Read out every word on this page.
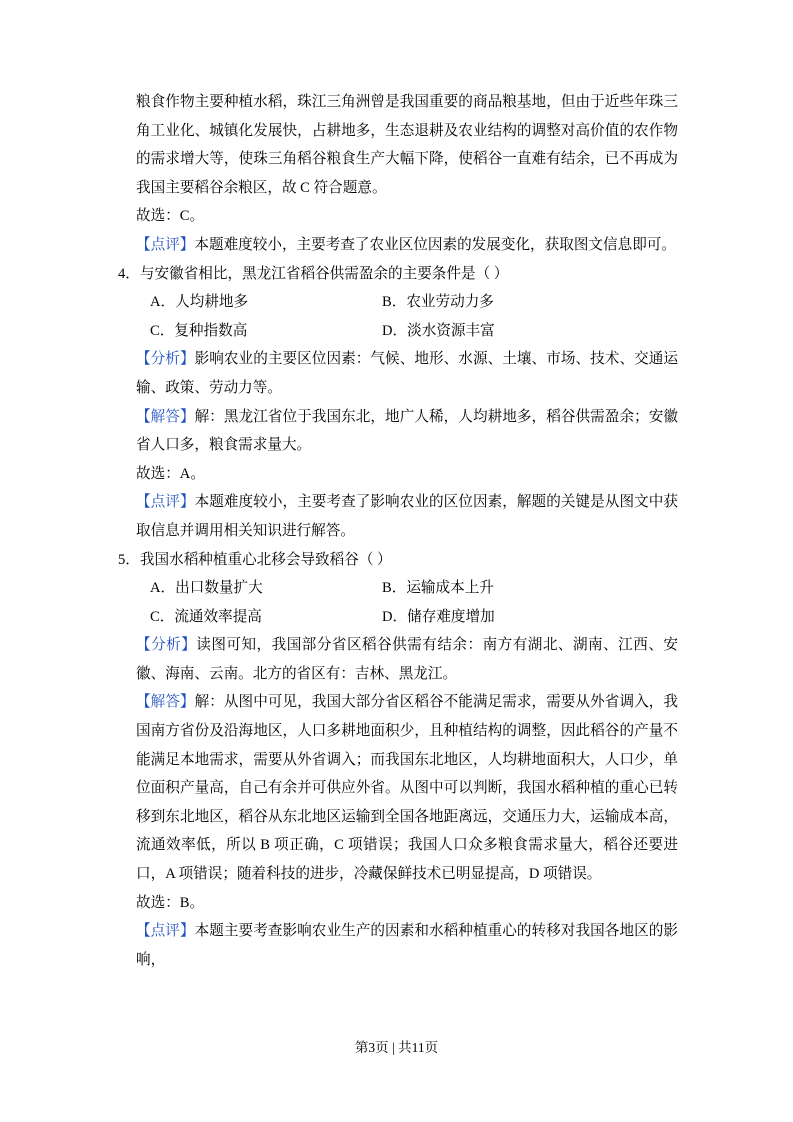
粮食作物主要种植水稻，珠江三角洲曾是我国重要的商品粮基地，但由于近些年珠三角工业化、城镇化发展快，占耕地多，生态退耕及农业结构的调整对高价值的农作物的需求增大等，使珠三角稻谷粮食生产大幅下降，使稻谷一直难有结余，已不再成为我国主要稻谷余粮区，故 C 符合题意。

故选：C。

【点评】本题难度较小，主要考查了农业区位因素的发展变化，获取图文信息即可。

4．与安徽省相比，黑龙江省稻谷供需盈余的主要条件是（ ）

A．人均耕地多	B．农业劳动力多
C．复种指数高	D．淡水资源丰富

【分析】影响农业的主要区位因素：气候、地形、水源、土壤、市场、技术、交通运输、政策、劳动力等。

【解答】解：黑龙江省位于我国东北，地广人稀，人均耕地多，稻谷供需盈余；安徽省人口多，粮食需求量大。

故选：A。

【点评】本题难度较小，主要考查了影响农业的区位因素，解题的关键是从图文中获取信息并调用相关知识进行解答。

5．我国水稻种植重心北移会导致稻谷（ ）

A．出口数量扩大	B．运输成本上升
C．流通效率提高	D．储存难度增加

【分析】读图可知，我国部分省区稻谷供需有结余：南方有湖北、湖南、江西、安徽、海南、云南。北方的省区有：吉林、黑龙江。

【解答】解：从图中可见，我国大部分省区稻谷不能满足需求，需要从外省调入，我国南方省份及沿海地区，人口多耕地面积少，且种植结构的调整，因此稻谷的产量不能满足本地需求，需要从外省调入；而我国东北地区，人均耕地面积大，人口少，单位面积产量高，自己有余并可供应外省。从图中可以判断，我国水稻种植的重心已转移到东北地区，稻谷从东北地区运输到全国各地距离远，交通压力大，运输成本高，流通效率低，所以 B 项正确，C 项错误；我国人口众多粮食需求量大，稻谷还要进口，A 项错误；随着科技的进步，冷藏保鲜技术已明显提高，D 项错误。

故选：B。

【点评】本题主要考查影响农业生产的因素和水稻种植重心的转移对我国各地区的影响，

第3页 | 共11页
